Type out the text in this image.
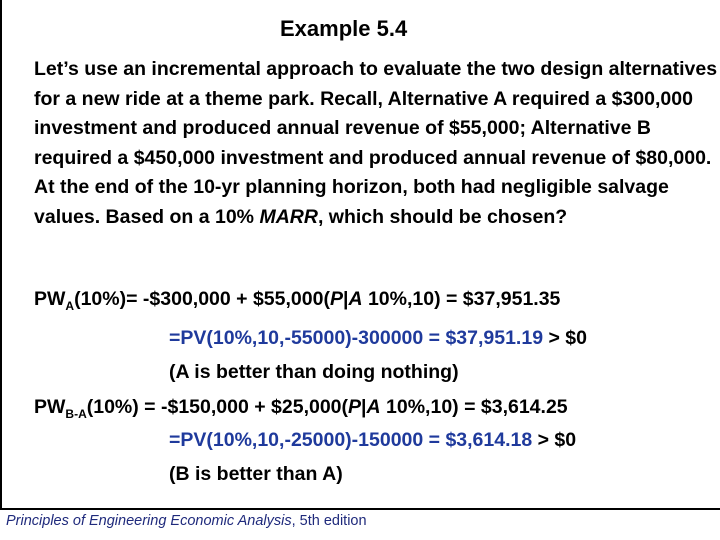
Example 5.4
Let’s use an incremental approach to evaluate the two design alternatives for a new ride at a theme park. Recall, Alternative A required a $300,000 investment and produced annual revenue of $55,000; Alternative B required a $450,000 investment and produced annual revenue of $80,000. At the end of the 10-yr planning horizon, both had negligible salvage values. Based on a 10% MARR, which should be chosen?
$PW_A(10\%)=$ -$300,000 + $55,000(P|A 10%,10) = $37,951.35
=PV(10%,10,-55000)-300000 = $37,951.19 > $0
(A is better than doing nothing)
$PW_{B-A}(10\%)$ = -$150,000 + $25,000(P|A 10%,10) = $3,614.25
=PV(10%,10,-25000)-150000 = $3,614.18 > $0
(B is better than A)
Principles of Engineering Economic Analysis, 5th edition
